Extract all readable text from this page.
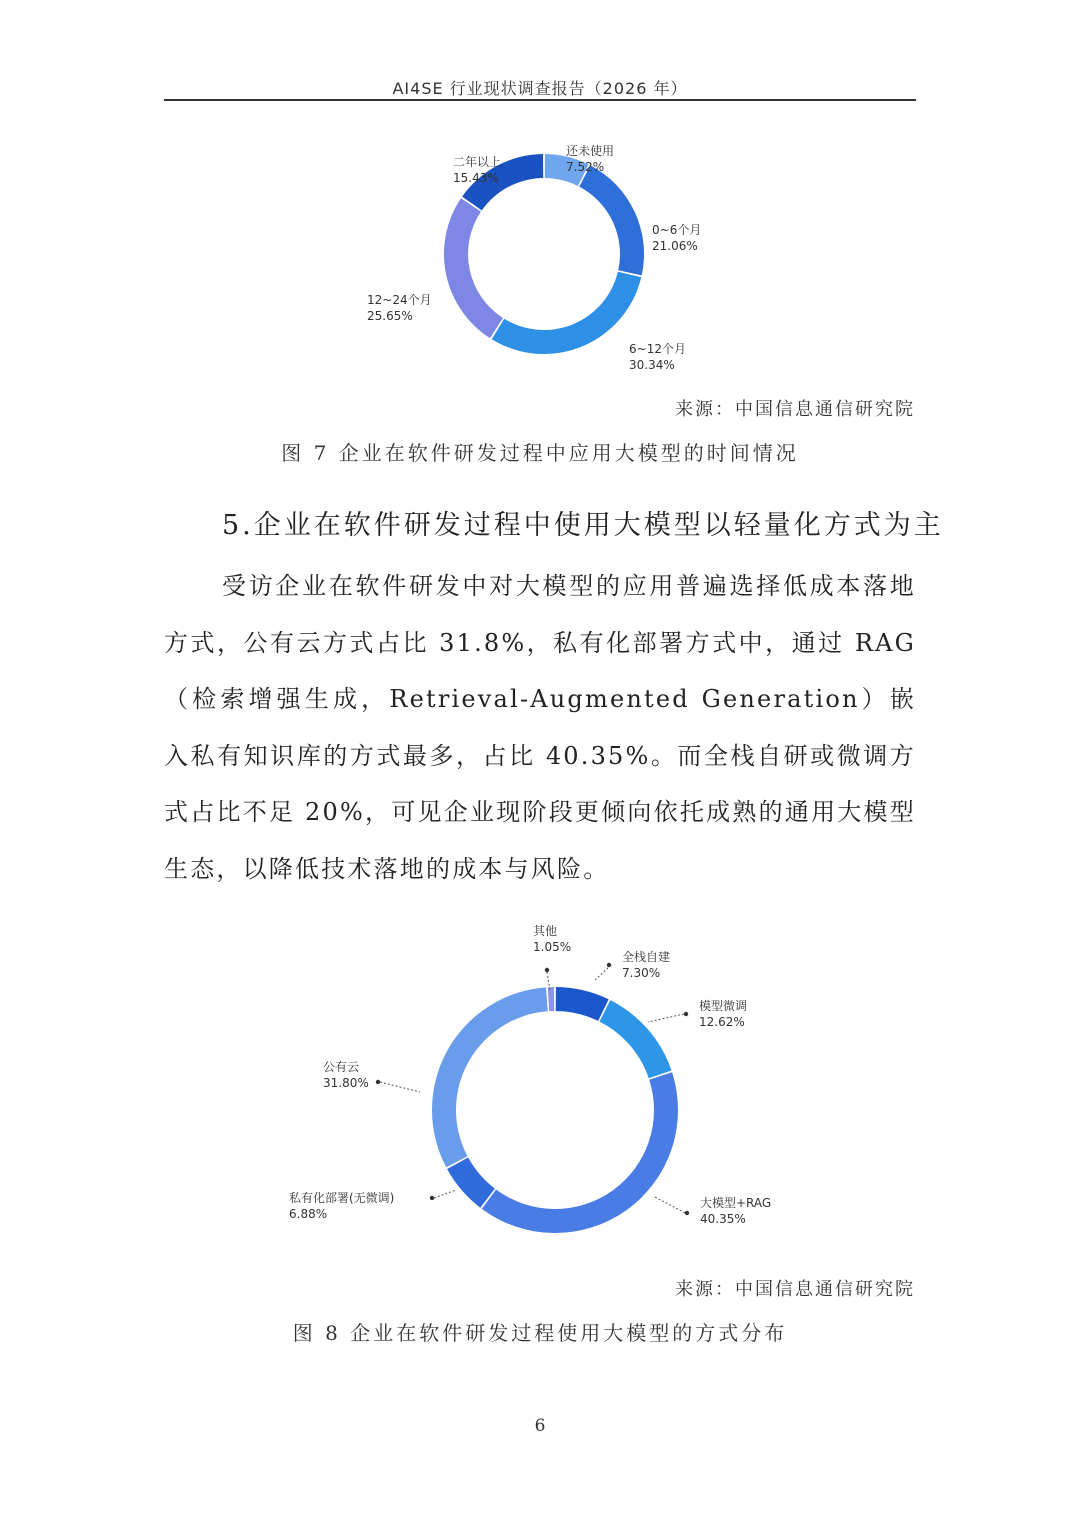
AI4SE 行业现状调查报告（2026 年）
还未使用
7.52%
0~6个月
21.06%
6~12个月
30.34%
12~24个月
25.65%
二年以上
15.43%
来源：中国信息通信研究院
图 7 企业在软件研发过程中应用大模型的时间情况
5.企业在软件研发过程中使用大模型以轻量化方式为主

受访企业在软件研发中对大模型的应用普遍选择低成本落地方式，公有云方式占比 31.8%，私有化部署方式中，通过 RAG（检索增强生成，Retrieval-Augmented Generation）嵌入私有知识库的方式最多，占比 40.35%。而全栈自研或微调方式占比不足 20%，可见企业现阶段更倾向依托成熟的通用大模型生态，以降低技术落地的成本与风险。

全栈自建
7.30%
模型微调
12.62%
大模型+RAG
40.35%
私有化部署(无微调)
6.88%
公有云
31.80%
其他
1.05%
来源：中国信息通信研究院
图 8 企业在软件研发过程使用大模型的方式分布
6
